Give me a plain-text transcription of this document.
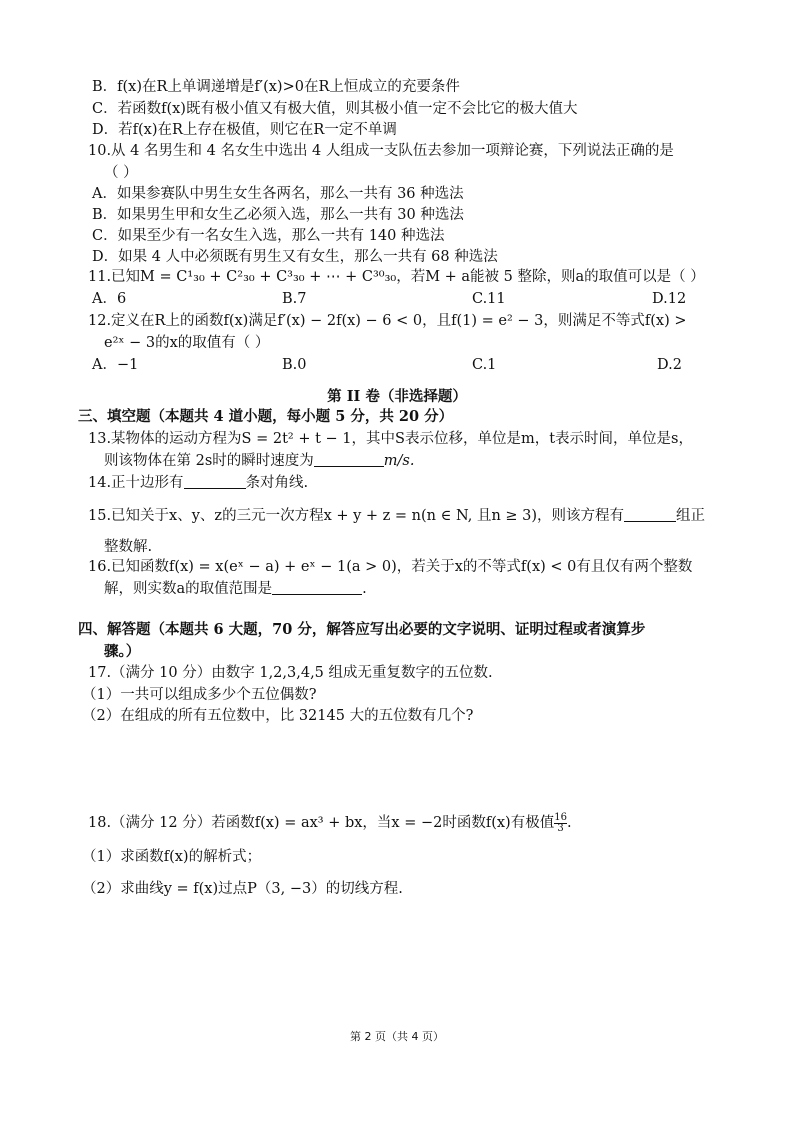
B．f(x)在R上单调递增是f′(x)>0在R上恒成立的充要条件
C．若函数f(x)既有极小值又有极大值，则其极小值一定不会比它的极大值大
D．若f(x)在R上存在极值，则它在R一定不单调
10.从 4 名男生和 4 名女生中选出 4 人组成一支队伍去参加一项辩论赛，下列说法正确的是
（ ）
A．如果参赛队中男生女生各两名，那么一共有 36 种选法
B．如果男生甲和女生乙必须入选，那么一共有 30 种选法
C．如果至少有一名女生入选，那么一共有 140 种选法
D．如果 4 人中必须既有男生又有女生，那么一共有 68 种选法
11.已知M = C¹₃₀ + C²₃₀ + C³₃₀ + ⋯ + C³⁰₃₀，若M + a能被 5 整除，则a的取值可以是（ ）
A．6	B.7	C.11	D.12
12.定义在R上的函数f(x)满足f′(x) − 2f(x) − 6 < 0，且f(1) = e² − 3，则满足不等式f(x) >
e²ˣ − 3的x的取值有（ ）
A．−1	B.0	C.1	D.2
第 II 卷（非选择题）
三、填空题（本题共 4 道小题，每小题 5 分，共 20 分）
13.某物体的运动方程为S = 2t² + t − 1，其中S表示位移，单位是m，t表示时间，单位是s，
则该物体在第 2s时的瞬时速度为	m/s.
14.正十边形有	条对角线.
15.已知关于x、y、z的三元一次方程x + y + z = n(n ∈ N, 且n ≥ 3)，则该方程有	组正
整数解.
16.已知函数f(x) = x(eˣ − a) + eˣ − 1(a > 0)，若关于x的不等式f(x) < 0有且仅有两个整数
解，则实数a的取值范围是	.
四、解答题（本题共 6 大题，70 分，解答应写出必要的文字说明、证明过程或者演算步
骤。）
17.（满分 10 分）由数字 1,2,3,4,5 组成无重复数字的五位数.
（1）一共可以组成多少个五位偶数?
（2）在组成的所有五位数中，比 32145 大的五位数有几个?
18.（满分 12 分）若函数f(x) = ax³ + bx，当x = −2时函数f(x)有极值 $\frac{16}{3}$.
（1）求函数f(x)的解析式；
（2）求曲线y = f(x)过点P（3, −3）的切线方程.
第 2 页（共 4 页）
